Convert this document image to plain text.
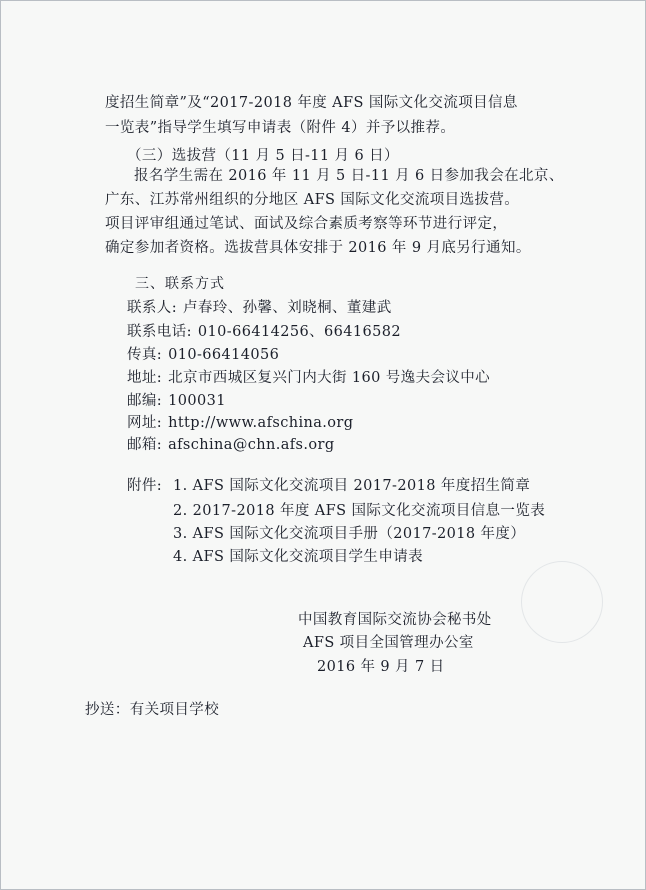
度招生简章”及“2017-2018 年度 AFS 国际文化交流项目信息
一览表”指导学生填写申请表（附件 4）并予以推荐。
（三）选拔营（11 月 5 日-11 月 6 日）
报名学生需在 2016 年 11 月 5 日-11 月 6 日参加我会在北京、
广东、江苏常州组织的分地区 AFS 国际文化交流项目选拔营。
项目评审组通过笔试、面试及综合素质考察等环节进行评定，
确定参加者资格。选拔营具体安排于 2016 年 9 月底另行通知。
三、联系方式
联系人: 卢春玲、孙馨、刘晓桐、董建武
联系电话: 010-66414256、66416582
传真: 010-66414056
地址: 北京市西城区复兴门内大街 160 号逸夫会议中心
邮编: 100031
网址: http://www.afschina.org
邮箱: afschina@chn.afs.org
附件: 1. AFS 国际文化交流项目 2017-2018 年度招生简章
2. 2017-2018 年度 AFS 国际文化交流项目信息一览表
3. AFS 国际文化交流项目手册（2017-2018 年度）
4. AFS 国际文化交流项目学生申请表
中国教育国际交流协会秘书处
AFS 项目全国管理办公室
2016 年 9 月 7 日
抄送：有关项目学校
